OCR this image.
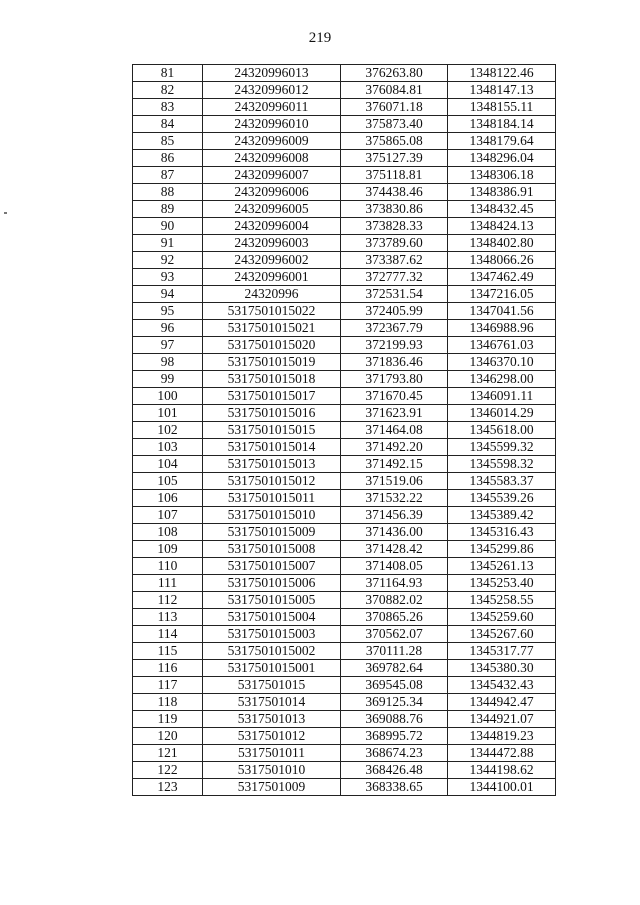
219
81	24320996013	376263.80	1348122.46
82	24320996012	376084.81	1348147.13
83	24320996011	376071.18	1348155.11
84	24320996010	375873.40	1348184.14
85	24320996009	375865.08	1348179.64
86	24320996008	375127.39	1348296.04
87	24320996007	375118.81	1348306.18
88	24320996006	374438.46	1348386.91
89	24320996005	373830.86	1348432.45
90	24320996004	373828.33	1348424.13
91	24320996003	373789.60	1348402.80
92	24320996002	373387.62	1348066.26
93	24320996001	372777.32	1347462.49
94	24320996	372531.54	1347216.05
95	5317501015022	372405.99	1347041.56
96	5317501015021	372367.79	1346988.96
97	5317501015020	372199.93	1346761.03
98	5317501015019	371836.46	1346370.10
99	5317501015018	371793.80	1346298.00
100	5317501015017	371670.45	1346091.11
101	5317501015016	371623.91	1346014.29
102	5317501015015	371464.08	1345618.00
103	5317501015014	371492.20	1345599.32
104	5317501015013	371492.15	1345598.32
105	5317501015012	371519.06	1345583.37
106	5317501015011	371532.22	1345539.26
107	5317501015010	371456.39	1345389.42
108	5317501015009	371436.00	1345316.43
109	5317501015008	371428.42	1345299.86
110	5317501015007	371408.05	1345261.13
111	5317501015006	371164.93	1345253.40
112	5317501015005	370882.02	1345258.55
113	5317501015004	370865.26	1345259.60
114	5317501015003	370562.07	1345267.60
115	5317501015002	370111.28	1345317.77
116	5317501015001	369782.64	1345380.30
117	5317501015	369545.08	1345432.43
118	5317501014	369125.34	1344942.47
119	5317501013	369088.76	1344921.07
120	5317501012	368995.72	1344819.23
121	5317501011	368674.23	1344472.88
122	5317501010	368426.48	1344198.62
123	5317501009	368338.65	1344100.01
